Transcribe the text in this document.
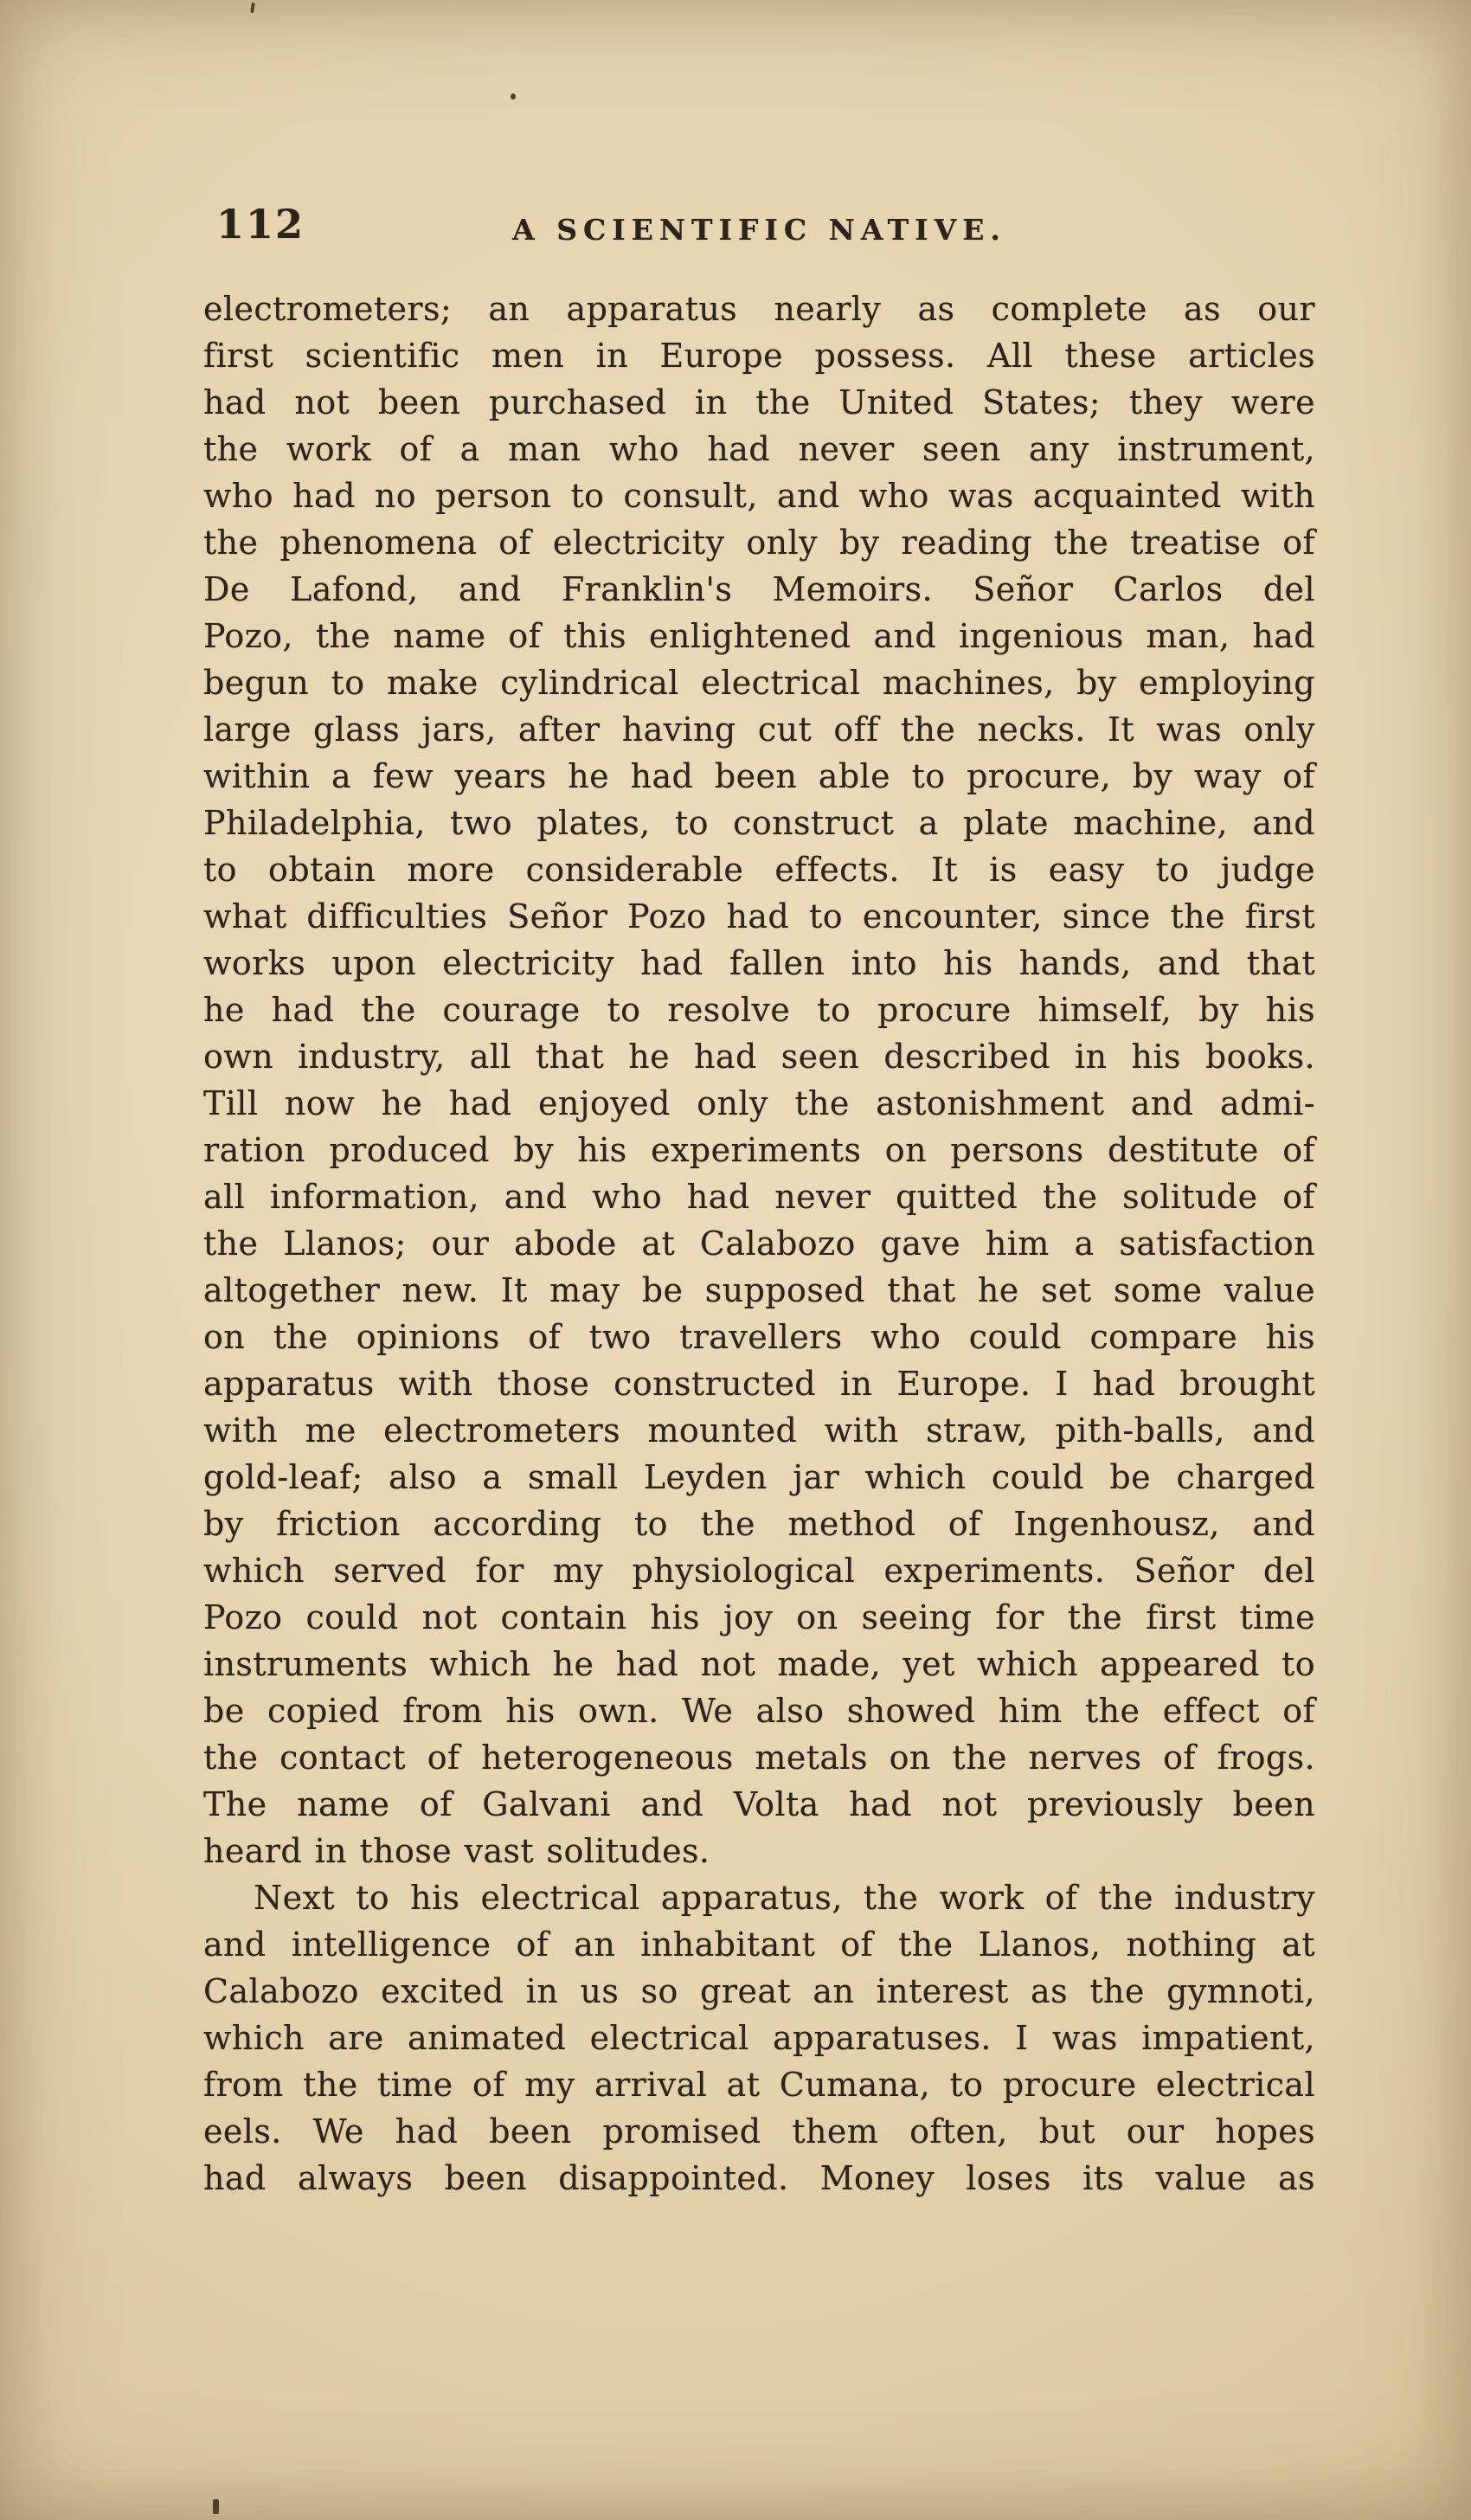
112	A SCIENTIFIC NATIVE.
electrometers; an apparatus nearly as complete as our
first scientific men in Europe possess. All these articles
had not been purchased in the United States; they were
the work of a man who had never seen any instrument,
who had no person to consult, and who was acquainted with
the phenomena of electricity only by reading the treatise of
De Lafond, and Franklin's Memoirs. Señor Carlos del
Pozo, the name of this enlightened and ingenious man, had
begun to make cylindrical electrical machines, by employing
large glass jars, after having cut off the necks. It was only
within a few years he had been able to procure, by way of
Philadelphia, two plates, to construct a plate machine, and
to obtain more considerable effects. It is easy to judge
what difficulties Señor Pozo had to encounter, since the first
works upon electricity had fallen into his hands, and that
he had the courage to resolve to procure himself, by his
own industry, all that he had seen described in his books.
Till now he had enjoyed only the astonishment and admi-
ration produced by his experiments on persons destitute of
all information, and who had never quitted the solitude of
the Llanos; our abode at Calabozo gave him a satisfaction
altogether new. It may be supposed that he set some value
on the opinions of two travellers who could compare his
apparatus with those constructed in Europe. I had brought
with me electrometers mounted with straw, pith-balls, and
gold-leaf; also a small Leyden jar which could be charged
by friction according to the method of Ingenhousz, and
which served for my physiological experiments. Señor del
Pozo could not contain his joy on seeing for the first time
instruments which he had not made, yet which appeared to
be copied from his own. We also showed him the effect of
the contact of heterogeneous metals on the nerves of frogs.
The name of Galvani and Volta had not previously been
heard in those vast solitudes.
Next to his electrical apparatus, the work of the industry
and intelligence of an inhabitant of the Llanos, nothing at
Calabozo excited in us so great an interest as the gymnoti,
which are animated electrical apparatuses. I was impatient,
from the time of my arrival at Cumana, to procure electrical
eels. We had been promised them often, but our hopes
had always been disappointed. Money loses its value as
